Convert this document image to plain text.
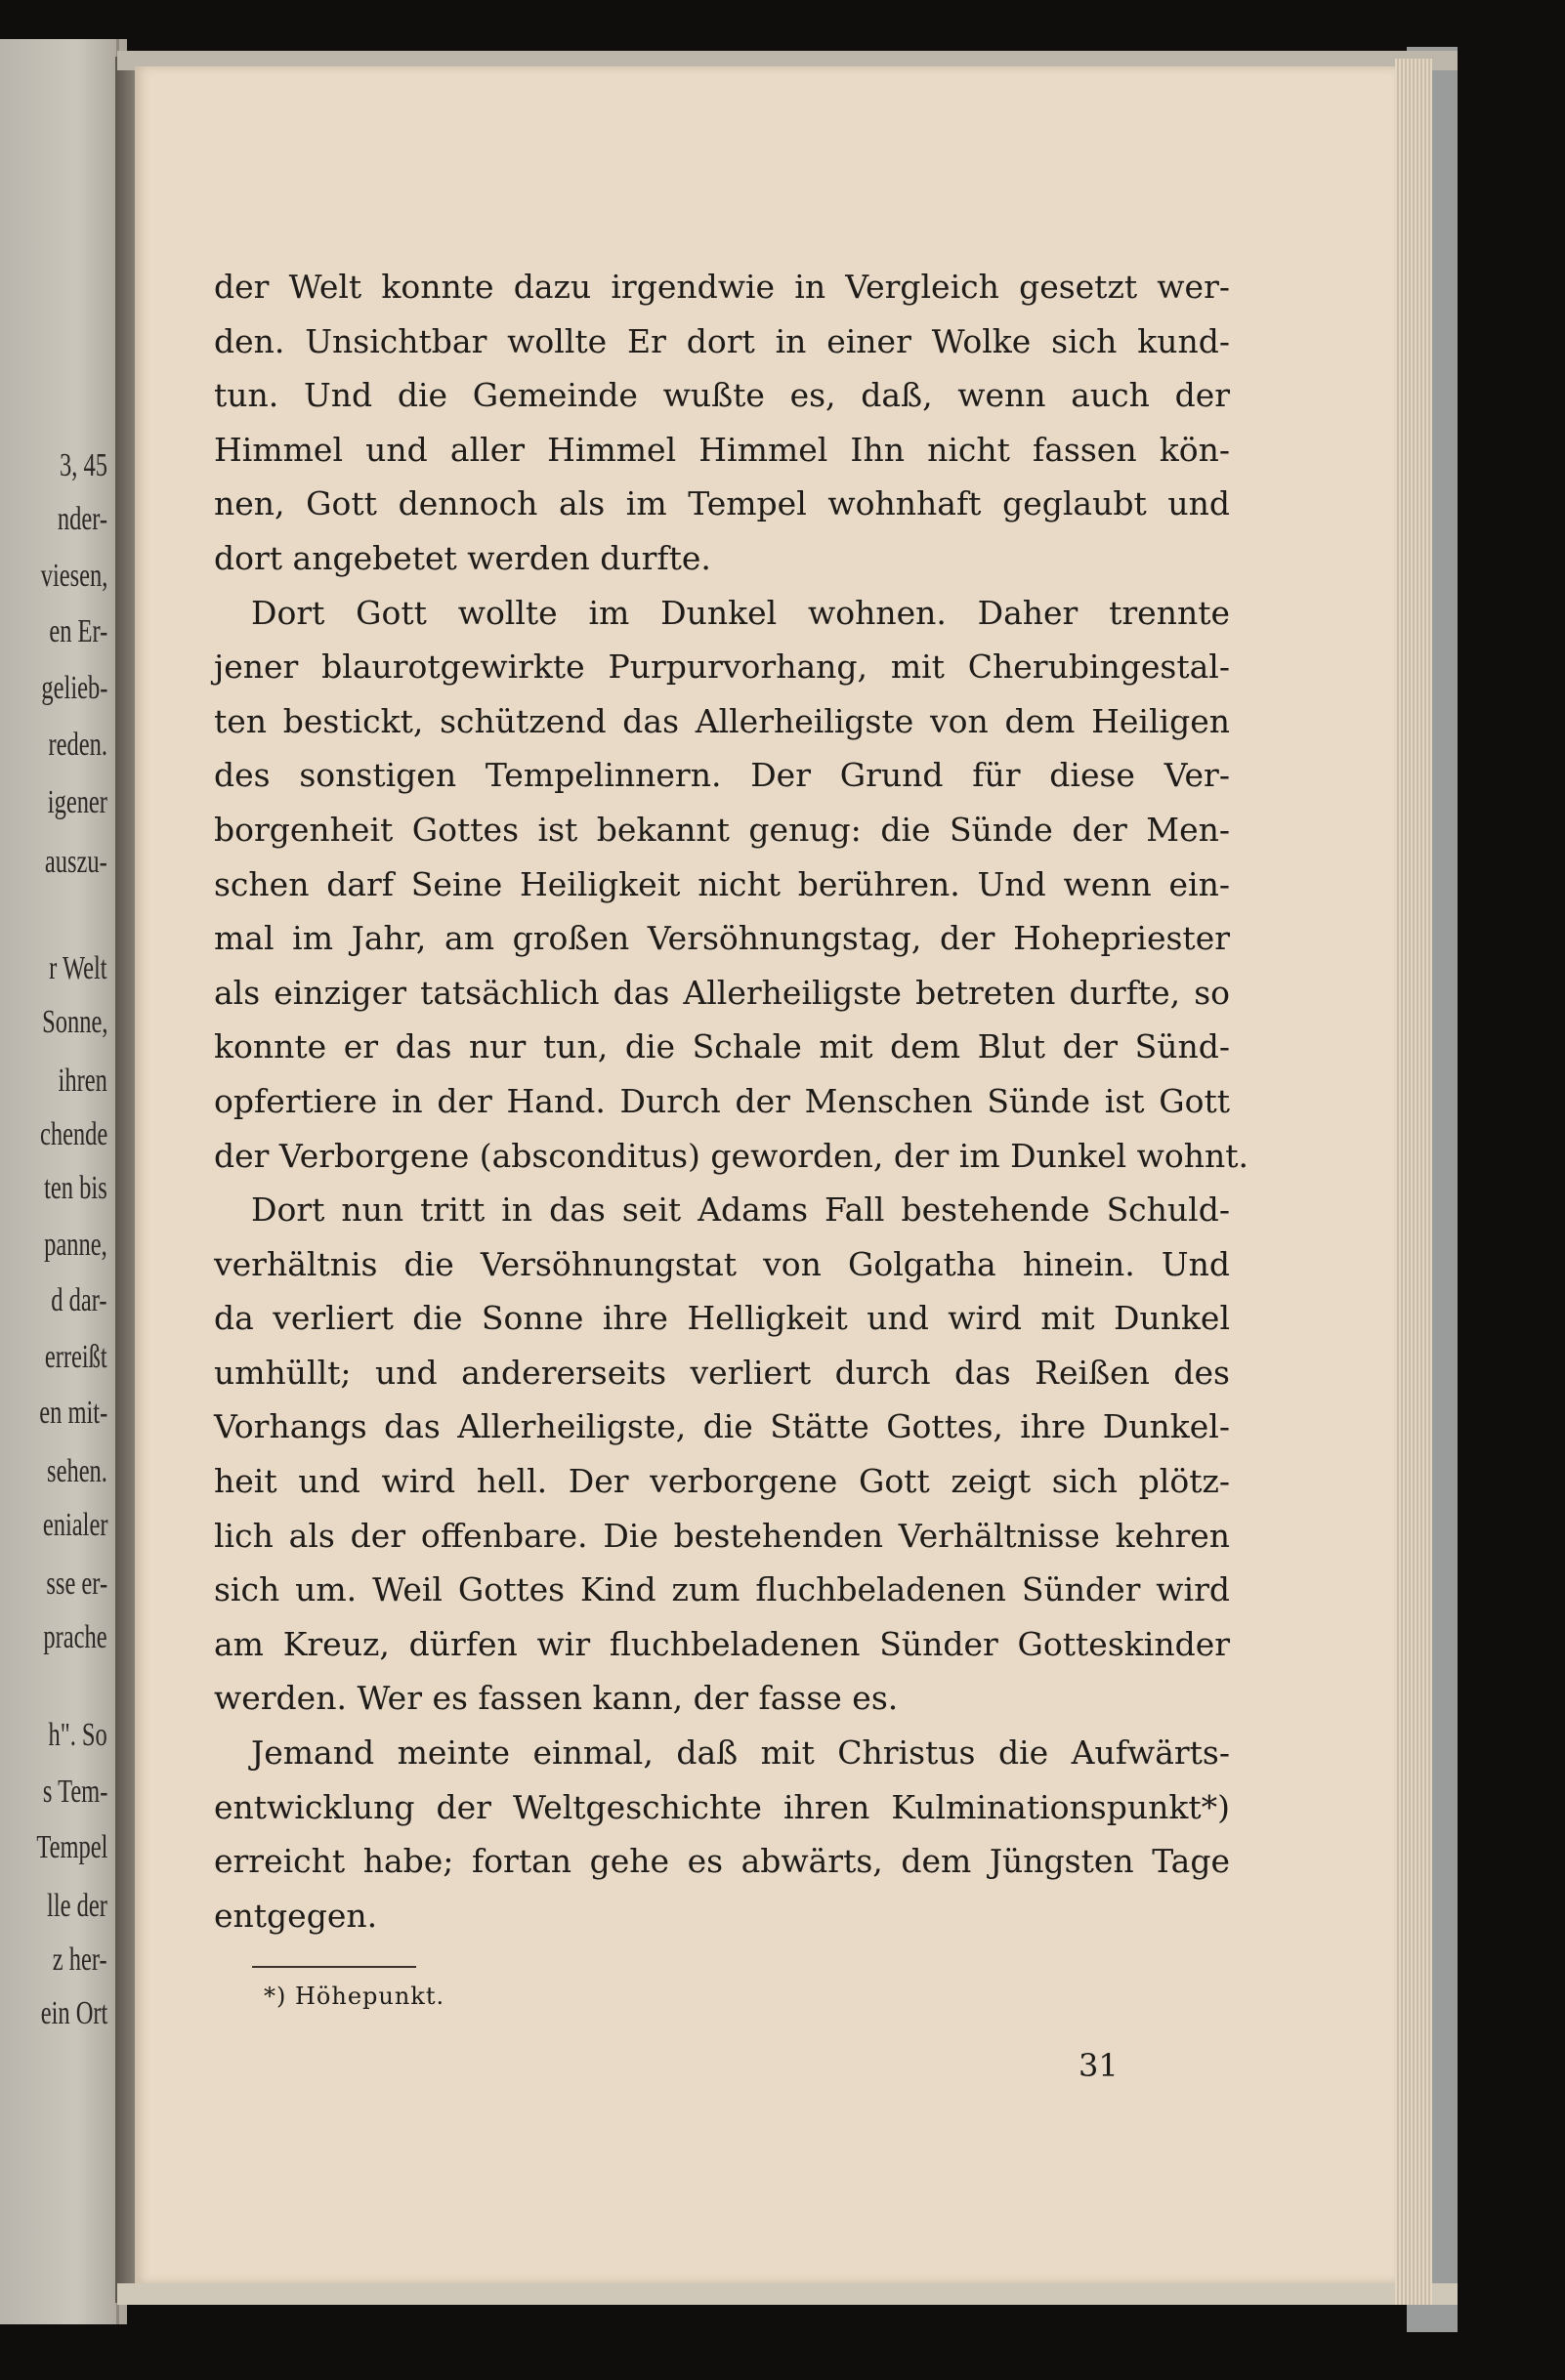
3, 45
nder-
viesen,
en Er-
gelieb-
reden.
igener
auszu-
r Welt
Sonne,
ihren
chende
ten bis
panne,
d dar-
erreißt
en mit-
sehen.
enialer
sse er-
prache
h". So
s Tem-
Tempel
lle der
z her-
ein Ort
der Welt konnte dazu irgendwie in Vergleich gesetzt wer-
den. Unsichtbar wollte Er dort in einer Wolke sich kund-
tun. Und die Gemeinde wußte es, daß, wenn auch der
Himmel und aller Himmel Himmel Ihn nicht fassen kön-
nen, Gott dennoch als im Tempel wohnhaft geglaubt und
dort angebetet werden durfte.
Dort Gott wollte im Dunkel wohnen. Daher trennte
jener blaurotgewirkte Purpurvorhang, mit Cherubingestal-
ten bestickt, schützend das Allerheiligste von dem Heiligen
des sonstigen Tempelinnern. Der Grund für diese Ver-
borgenheit Gottes ist bekannt genug: die Sünde der Men-
schen darf Seine Heiligkeit nicht berühren. Und wenn ein-
mal im Jahr, am großen Versöhnungstag, der Hohepriester
als einziger tatsächlich das Allerheiligste betreten durfte, so
konnte er das nur tun, die Schale mit dem Blut der Sünd-
opfertiere in der Hand. Durch der Menschen Sünde ist Gott
der Verborgene (absconditus) geworden, der im Dunkel wohnt.
Dort nun tritt in das seit Adams Fall bestehende Schuld-
verhältnis die Versöhnungstat von Golgatha hinein. Und
da verliert die Sonne ihre Helligkeit und wird mit Dunkel
umhüllt; und andererseits verliert durch das Reißen des
Vorhangs das Allerheiligste, die Stätte Gottes, ihre Dunkel-
heit und wird hell. Der verborgene Gott zeigt sich plötz-
lich als der offenbare. Die bestehenden Verhältnisse kehren
sich um. Weil Gottes Kind zum fluchbeladenen Sünder wird
am Kreuz, dürfen wir fluchbeladenen Sünder Gotteskinder
werden. Wer es fassen kann, der fasse es.
Jemand meinte einmal, daß mit Christus die Aufwärts-
entwicklung der Weltgeschichte ihren Kulminationspunkt*)
erreicht habe; fortan gehe es abwärts, dem Jüngsten Tage
entgegen.
*) Höhepunkt.
31
